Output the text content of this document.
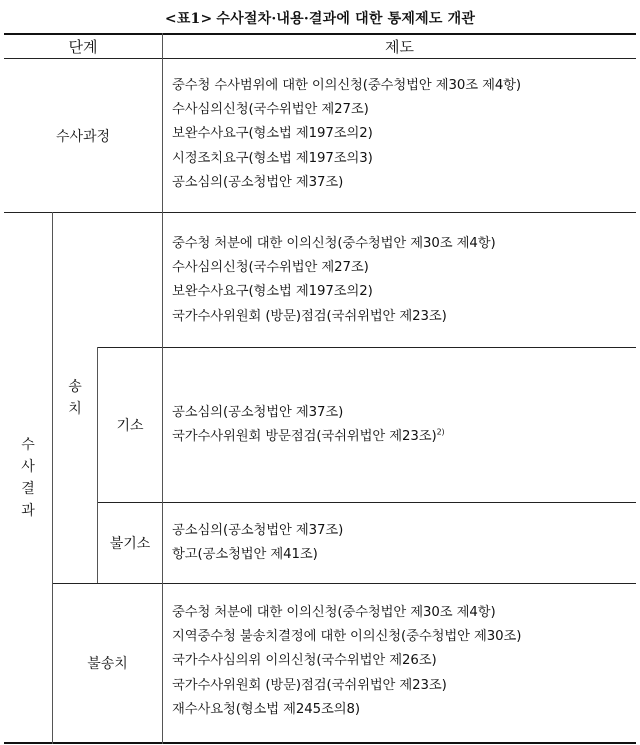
<표1> 수사절차·내용·결과에 대한 통제제도 개관
단계	제도
수사과정
중수청 수사범위에 대한 이의신청(중수청법안 제30조 제4항)
수사심의신청(국수위법안 제27조)
보완수사요구(형소법 제197조의2)
시정조치요구(형소법 제197조의3)
공소심의(공소청법안 제37조)
수
사
결
과
송
치
중수청 처분에 대한 이의신청(중수청법안 제30조 제4항)
수사심의신청(국수위법안 제27조)
보완수사요구(형소법 제197조의2)
국가수사위원회 (방문)점검(국쉬위법안 제23조)
기소
공소심의(공소청법안 제37조)
국가수사위원회 방문점검(국쉬위법안 제23조)$^{2)}$
불기소
공소심의(공소청법안 제37조)
항고(공소청법안 제41조)
불송치
중수청 처분에 대한 이의신청(중수청법안 제30조 제4항)
지역중수청 불송치결정에 대한 이의신청(중수청법안 제30조)
국가수사심의위 이의신청(국수위법안 제26조)
국가수사위원회 (방문)점검(국쉬위법안 제23조)
재수사요청(형소법 제245조의8)
